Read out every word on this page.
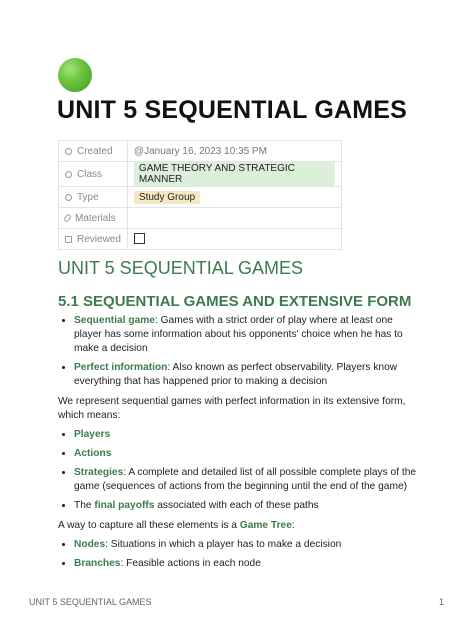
UNIT 5 SEQUENTIAL GAMES
Created	@January 16, 2023 10:35 PM
Class	GAME THEORY AND STRATEGIC MANNER
Type	Study Group
Materials	
Reviewed	
UNIT 5 SEQUENTIAL GAMES
5.1 SEQUENTIAL GAMES AND EXTENSIVE FORM
• Sequential game: Games with a strict order of play where at least one player has some information about his opponents' choice when he has to make a decision
• Perfect information: Also known as perfect observability. Players know everything that has happened prior to making a decision

We represent sequential games with perfect information in its extensive form, which means:

• Players
• Actions
• Strategies: A complete and detailed list of all possible complete plays of the game (sequences of actions from the beginning until the end of the game)
• The final payoffs associated with each of these paths

A way to capture all these elements is a Game Tree:

• Nodes: Situations in which a player has to make a decision
• Branches: Feasible actions in each node
UNIT 5 SEQUENTIAL GAMES	1
